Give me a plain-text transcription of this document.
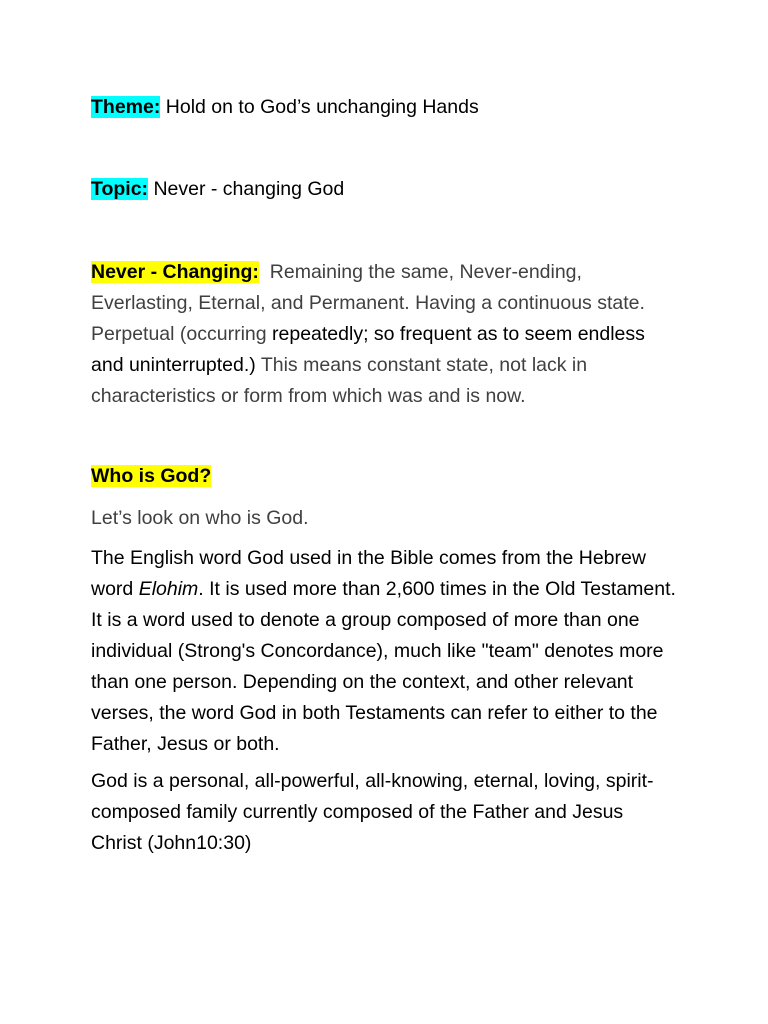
Theme: Hold on to God’s unchanging Hands
Topic: Never - changing God
Never - Changing: Remaining the same, Never-ending, Everlasting, Eternal, and Permanent. Having a continuous state. Perpetual (occurring repeatedly; so frequent as to seem endless and uninterrupted.) This means constant state, not lack in characteristics or form from which was and is now.
Who is God?
Let’s look on who is God.
The English word God used in the Bible comes from the Hebrew word Elohim. It is used more than 2,600 times in the Old Testament. It is a word used to denote a group composed of more than one individual (Strong's Concordance), much like "team" denotes more than one person. Depending on the context, and other relevant verses, the word God in both Testaments can refer to either to the Father, Jesus or both.
God is a personal, all-powerful, all-knowing, eternal, loving, spirit-composed family currently composed of the Father and Jesus Christ (John10:30)
